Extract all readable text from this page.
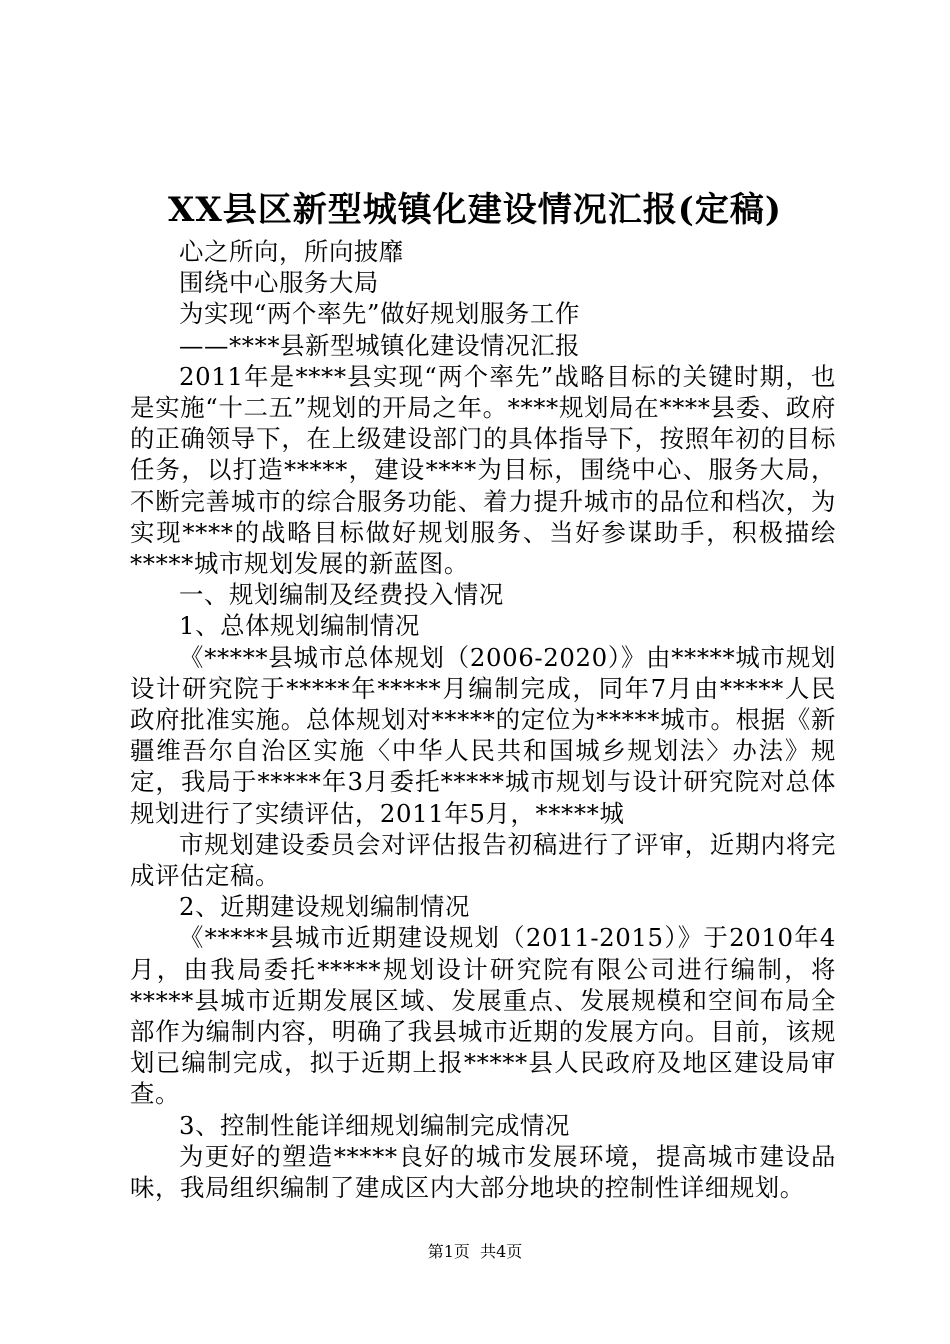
XX县区新型城镇化建设情况汇报(定稿)

心之所向，所向披靡

围绕中心服务大局

为实现“两个率先”做好规划服务工作

——****县新型城镇化建设情况汇报

2011年是****县实现“两个率先”战略目标的关键时期，也是实施“十二五”规划的开局之年。****规划局在****县委、政府的正确领导下，在上级建设部门的具体指导下，按照年初的目标任务，以打造*****，建设****为目标，围绕中心、服务大局，不断完善城市的综合服务功能、着力提升城市的品位和档次，为实现****的战略目标做好规划服务、当好参谋助手，积极描绘*****城市规划发展的新蓝图。

一、规划编制及经费投入情况

1、总体规划编制情况

《*****县城市总体规划（2006-2020）》由*****城市规划设计研究院于*****年*****月编制完成，同年7月由*****人民政府批准实施。总体规划对*****的定位为*****城市。根据《新疆维吾尔自治区实施〈中华人民共和国城乡规划法〉办法》规定，我局于*****年3月委托*****城市规划与设计研究院对总体规划进行了实绩评估，2011年5月，*****城

市规划建设委员会对评估报告初稿进行了评审，近期内将完成评估定稿。

2、近期建设规划编制情况

《*****县城市近期建设规划（2011-2015）》于2010年4月，由我局委托*****规划设计研究院有限公司进行编制，将*****县城市近期发展区域、发展重点、发展规模和空间布局全部作为编制内容，明确了我县城市近期的发展方向。目前，该规划已编制完成，拟于近期上报*****县人民政府及地区建设局审查。

3、控制性能详细规划编制完成情况

为更好的塑造*****良好的城市发展环境，提高城市建设品味，我局组织编制了建成区内大部分地块的控制性详细规划。

第1页  共4页
